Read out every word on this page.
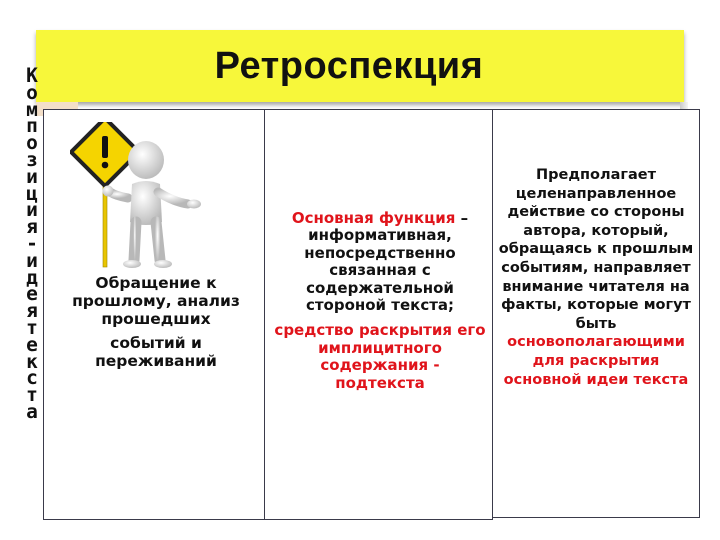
Ретроспекция
Композиция - идея текста
Обращение к прошлому, анализ прошедших
событий и переживаний
Основная функция – информативная, непосредственно связанная с содержательной стороной текста;
средство раскрытия его имплицитного содержания - подтекста
Предполагает целенаправленное действие со стороны автора, который, обращаясь к прошлым событиям, направляет внимание читателя на факты, которые могут быть основополагающими для раскрытия основной идеи текста
